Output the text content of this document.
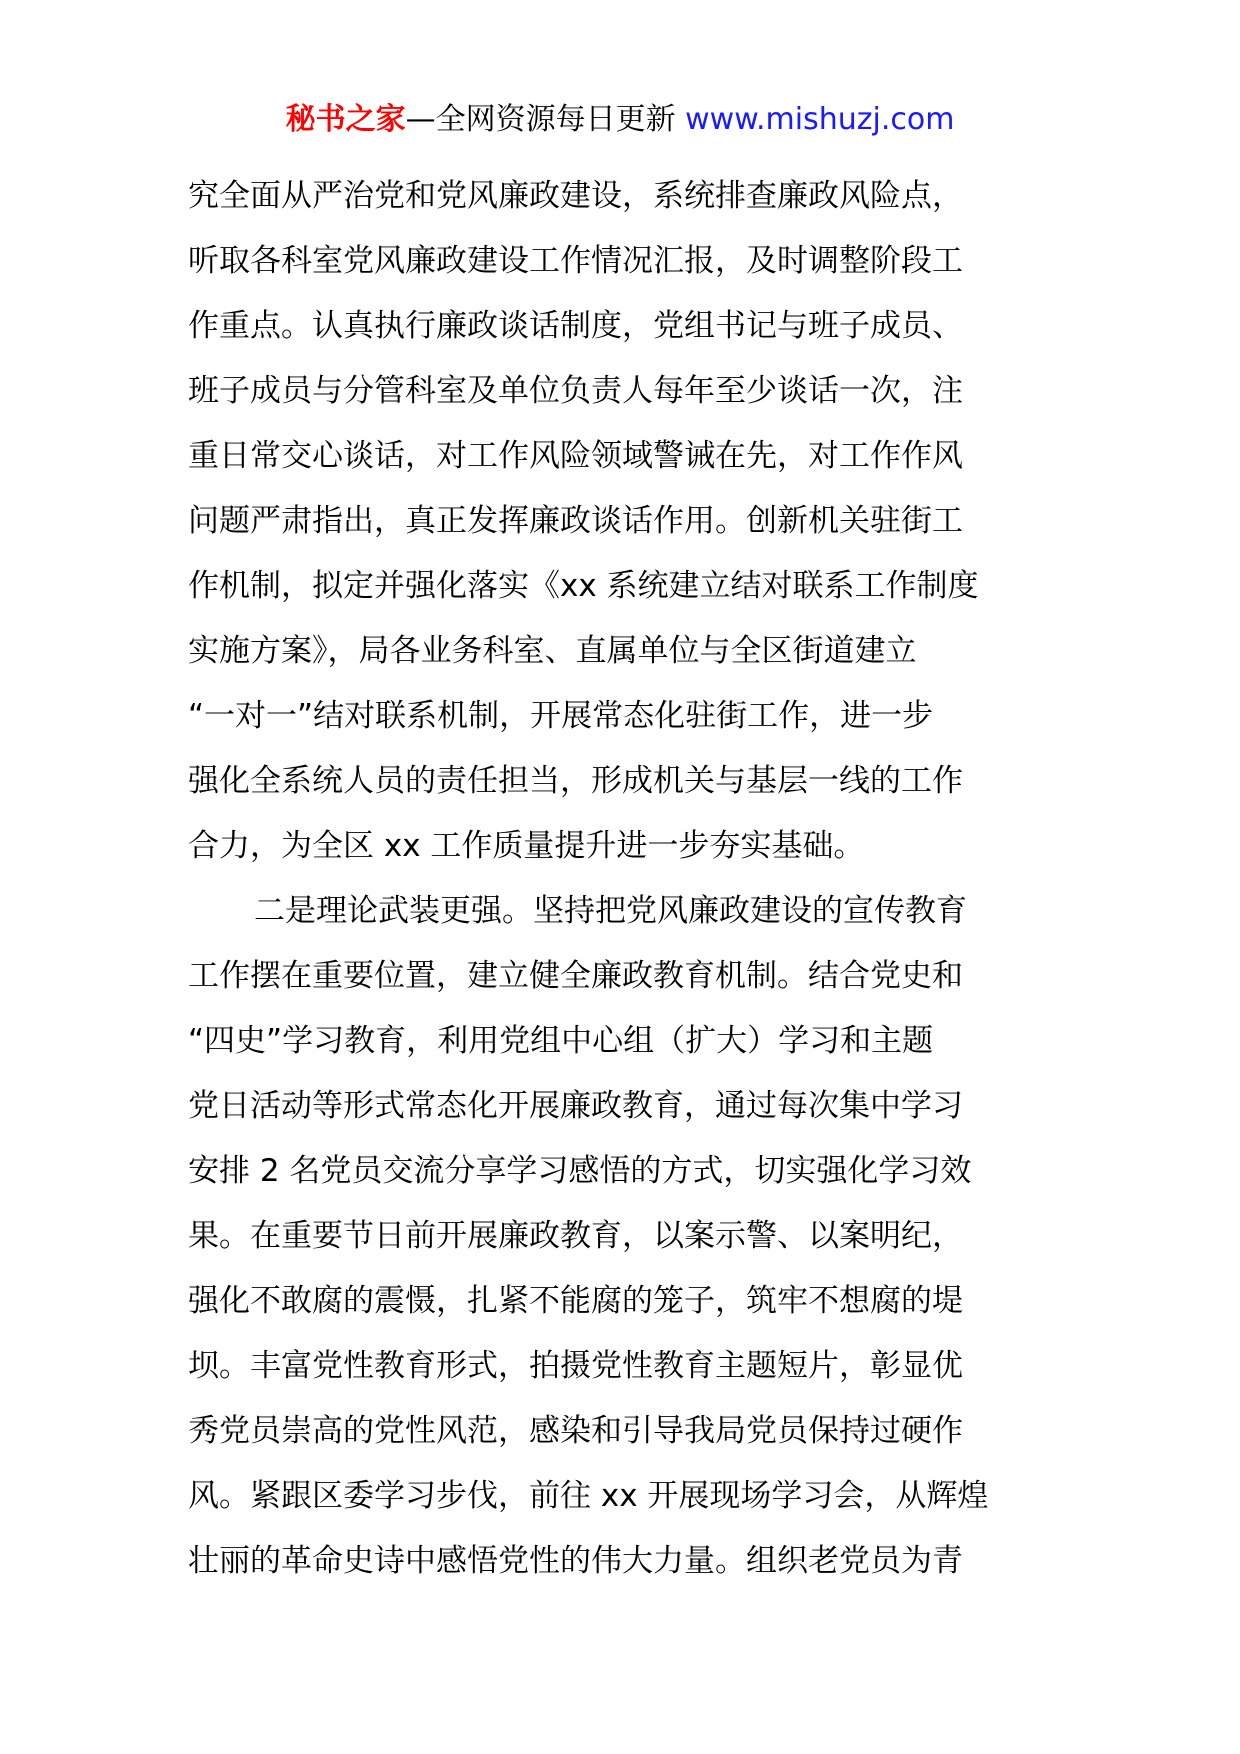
秘书之家—全网资源每日更新 www.mishuzj.com
究全面从严治党和党风廉政建设，系统排查廉政风险点，
听取各科室党风廉政建设工作情况汇报，及时调整阶段工
作重点。认真执行廉政谈话制度，党组书记与班子成员、
班子成员与分管科室及单位负责人每年至少谈话一次，注
重日常交心谈话，对工作风险领域警诫在先，对工作作风
问题严肃指出，真正发挥廉政谈话作用。创新机关驻街工
作机制，拟定并强化落实《xx 系统建立结对联系工作制度
实施方案》，局各业务科室、直属单位与全区街道建立
“一对一”结对联系机制，开展常态化驻街工作，进一步
强化全系统人员的责任担当，形成机关与基层一线的工作
合力，为全区 xx 工作质量提升进一步夯实基础。
二是理论武装更强。坚持把党风廉政建设的宣传教育
工作摆在重要位置，建立健全廉政教育机制。结合党史和
“四史”学习教育，利用党组中心组（扩大）学习和主题
党日活动等形式常态化开展廉政教育，通过每次集中学习
安排 2 名党员交流分享学习感悟的方式，切实强化学习效
果。在重要节日前开展廉政教育，以案示警、以案明纪，
强化不敢腐的震慑，扎紧不能腐的笼子，筑牢不想腐的堤
坝。丰富党性教育形式，拍摄党性教育主题短片，彰显优
秀党员崇高的党性风范，感染和引导我局党员保持过硬作
风。紧跟区委学习步伐，前往 xx 开展现场学习会，从辉煌
壮丽的革命史诗中感悟党性的伟大力量。组织老党员为青
